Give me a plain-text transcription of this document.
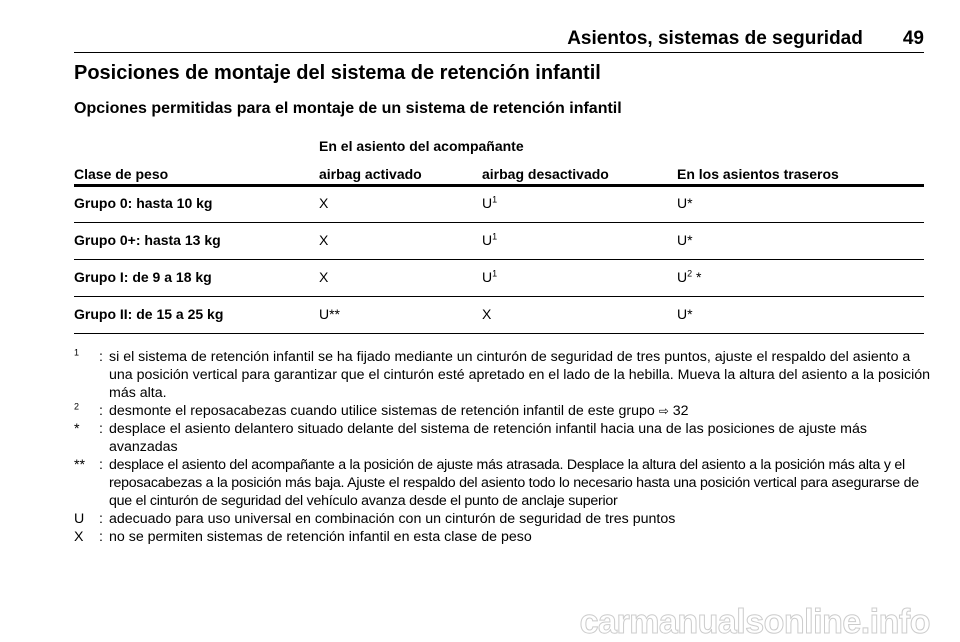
Asientos, sistemas de seguridad 49
Posiciones de montaje del sistema de retención infantil
Opciones permitidas para el montaje de un sistema de retención infantil
En el asiento del acompañante
Clase de peso	airbag activado	airbag desactivado	En los asientos traseros
Grupo 0: hasta 10 kg	X	$U^1$	U*
Grupo 0+: hasta 13 kg	X	$U^1$	U*
Grupo I: de 9 a 18 kg	X	$U^1$	$U^2$ *
Grupo II: de 15 a 25 kg	U**	X	U*
$^1$	: si el sistema de retención infantil se ha fijado mediante un cinturón de seguridad de tres puntos, ajuste el respaldo del asiento a una posición vertical para garantizar que el cinturón esté apretado en el lado de la hebilla. Mueva la altura del asiento a la posición más alta.
$^2$	: desmonte el reposacabezas cuando utilice sistemas de retención infantil de este grupo ⇨ 32
*	: desplace el asiento delantero situado delante del sistema de retención infantil hacia una de las posiciones de ajuste más avanzadas
** : desplace el asiento del acompañante a la posición de ajuste más atrasada. Desplace la altura del asiento a la posición más alta y el reposacabezas a la posición más baja. Ajuste el respaldo del asiento todo lo necesario hasta una posición vertical para asegurarse de que el cinturón de seguridad del vehículo avanza desde el punto de anclaje superior
U	: adecuado para uso universal en combinación con un cinturón de seguridad de tres puntos
X	: no se permiten sistemas de retención infantil en esta clase de peso
carmanualsonline.info
